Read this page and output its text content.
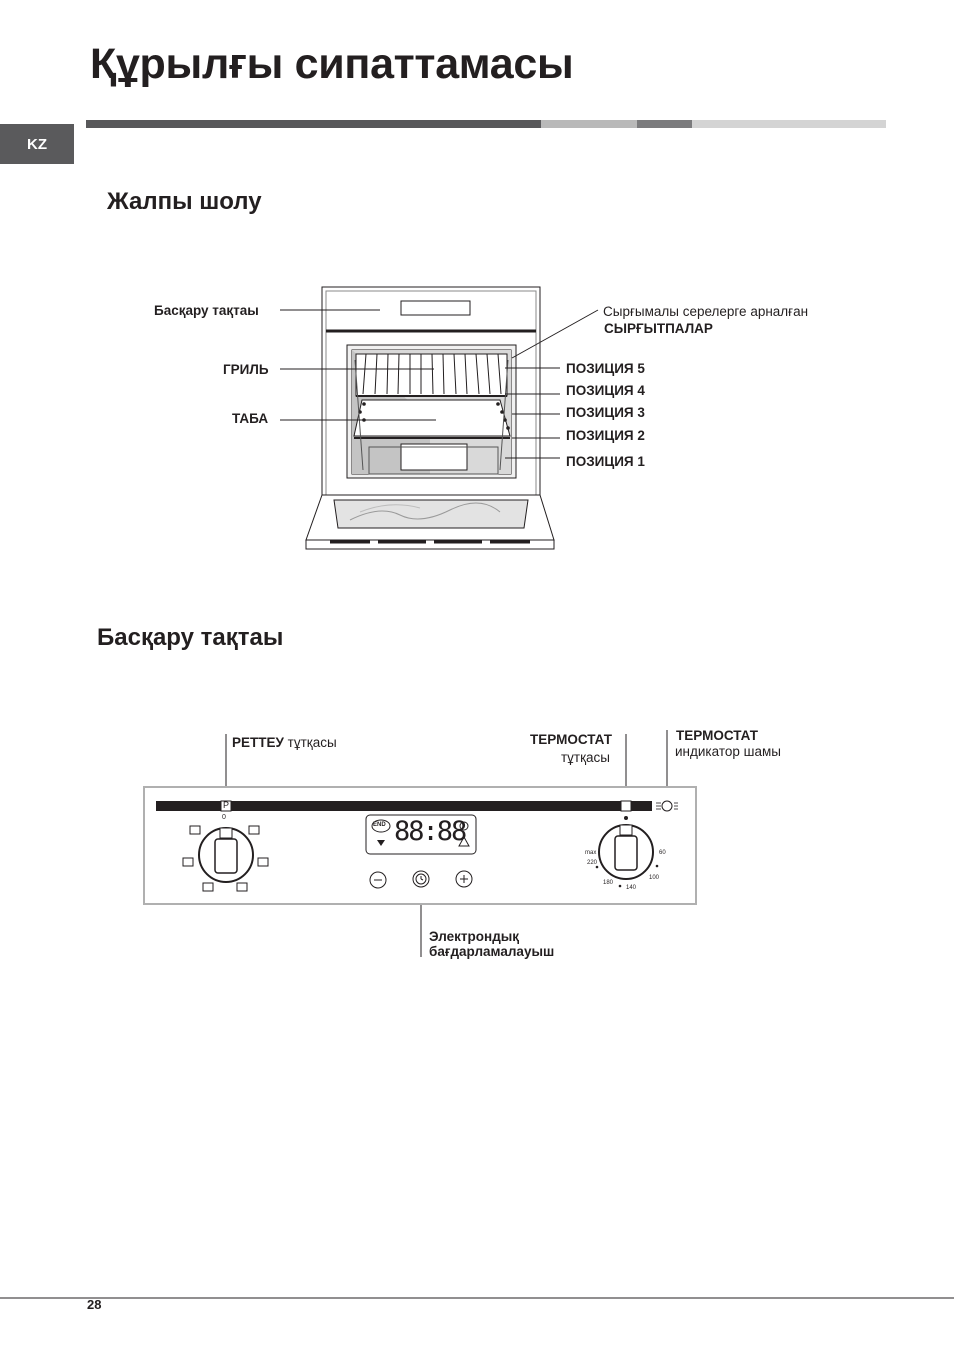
Құрылғы сипаттамасы
KZ
Жалпы шолу
Басқару тақтаы
ГРИЛЬ
ТАБА
Сырғымалы серелерге арналған
СЫРҒЫТПАЛАР
ПОЗИЦИЯ 5
ПОЗИЦИЯ 4
ПОЗИЦИЯ 3
ПОЗИЦИЯ 2
ПОЗИЦИЯ 1
Басқару тақтаы
P
0
END 88:88
max
220
180
140
100
60
РЕТТЕУ тұтқасы	ТЕРМОСТАТ
тұтқасы
ТЕРМОСТАТ
индикатор шамы
Электрондық
бағдарламалауыш
28
